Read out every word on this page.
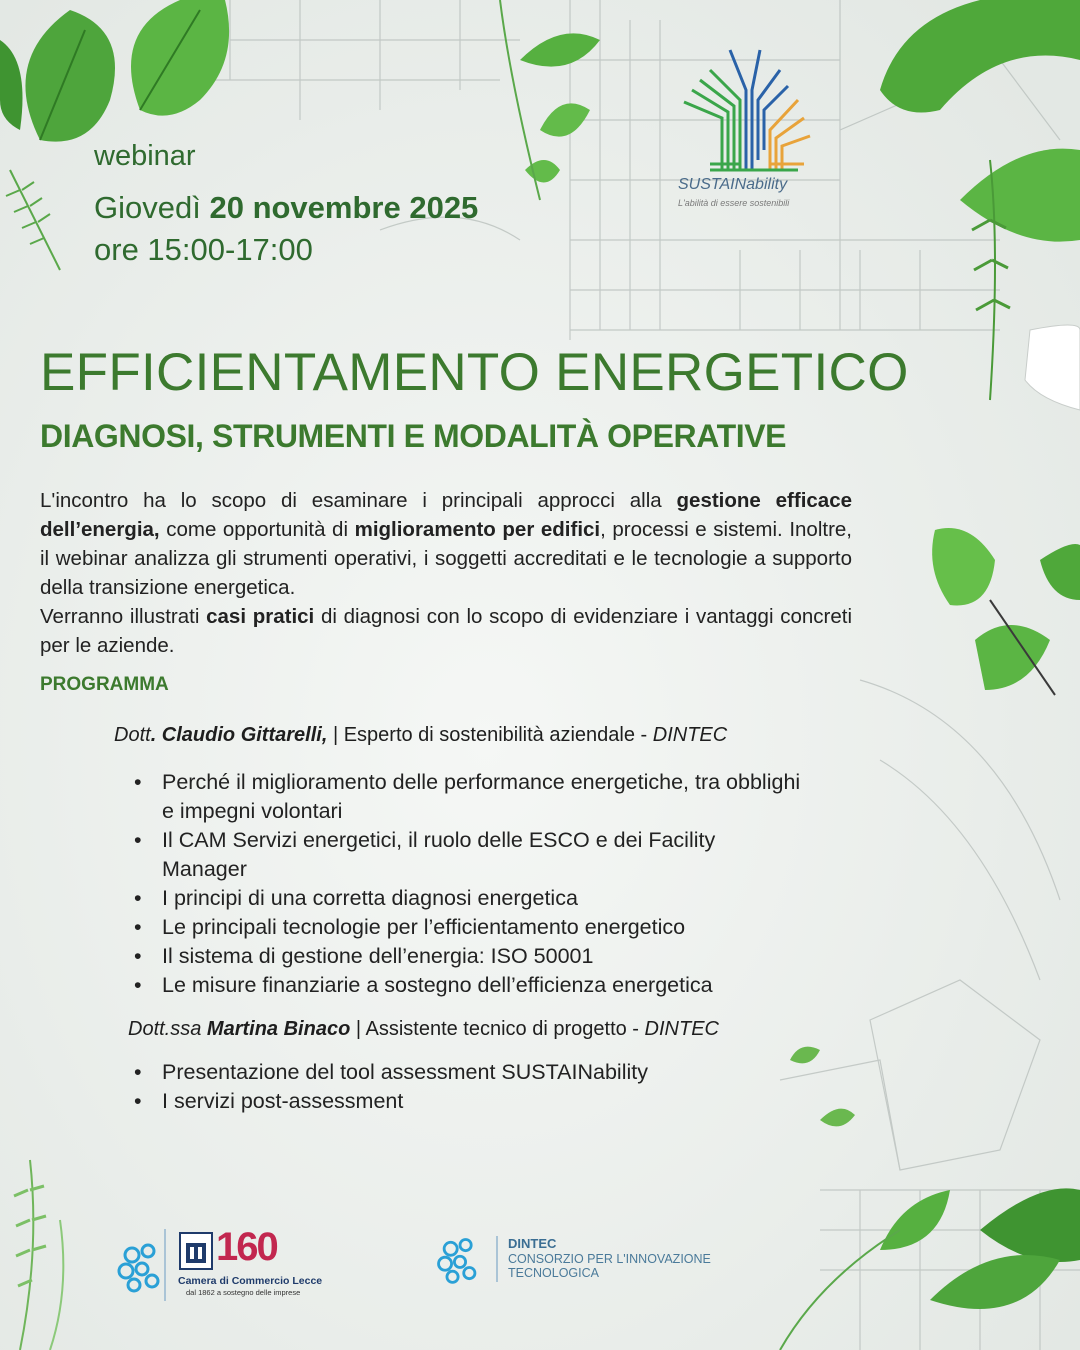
SUSTAINability
L'abilità di essere sostenibili
webinar
Giovedì 20 novembre 2025
ore 15:00-17:00
EFFICIENTAMENTO ENERGETICO
DIAGNOSI, STRUMENTI E MODALITÀ OPERATIVE

L'incontro ha lo scopo di esaminare i principali approcci alla gestione efficace dell’energia, come opportunità di miglioramento per edifici, processi e sistemi. Inoltre, il webinar analizza gli strumenti operativi, i soggetti accreditati e le tecnologie a supporto della transizione energetica.

Verranno illustrati casi pratici di diagnosi con lo scopo di evidenziare i vantaggi concreti per le aziende.

PROGRAMMA
Dott. Claudio Gittarelli, | Esperto di sostenibilità aziendale - DINTEC
• Perché il miglioramento delle performance energetiche, tra obblighi e impegni volontari
• Il CAM Servizi energetici, il ruolo delle ESCO e dei Facility Manager
• I principi di una corretta diagnosi energetica
• Le principali tecnologie per l’efficientamento energetico
• Il sistema di gestione dell’energia: ISO 50001
• Le misure finanziarie a sostegno dell’efficienza energetica
Dott.ssa Martina Binaco | Assistente tecnico di progetto - DINTEC
• Presentazione del tool assessment SUSTAINability
• I servizi post-assessment
160
Camera di Commercio Lecce
dal 1862 a sostegno delle imprese
DINTEC
CONSORZIO PER L'INNOVAZIONE TECNOLOGICA
